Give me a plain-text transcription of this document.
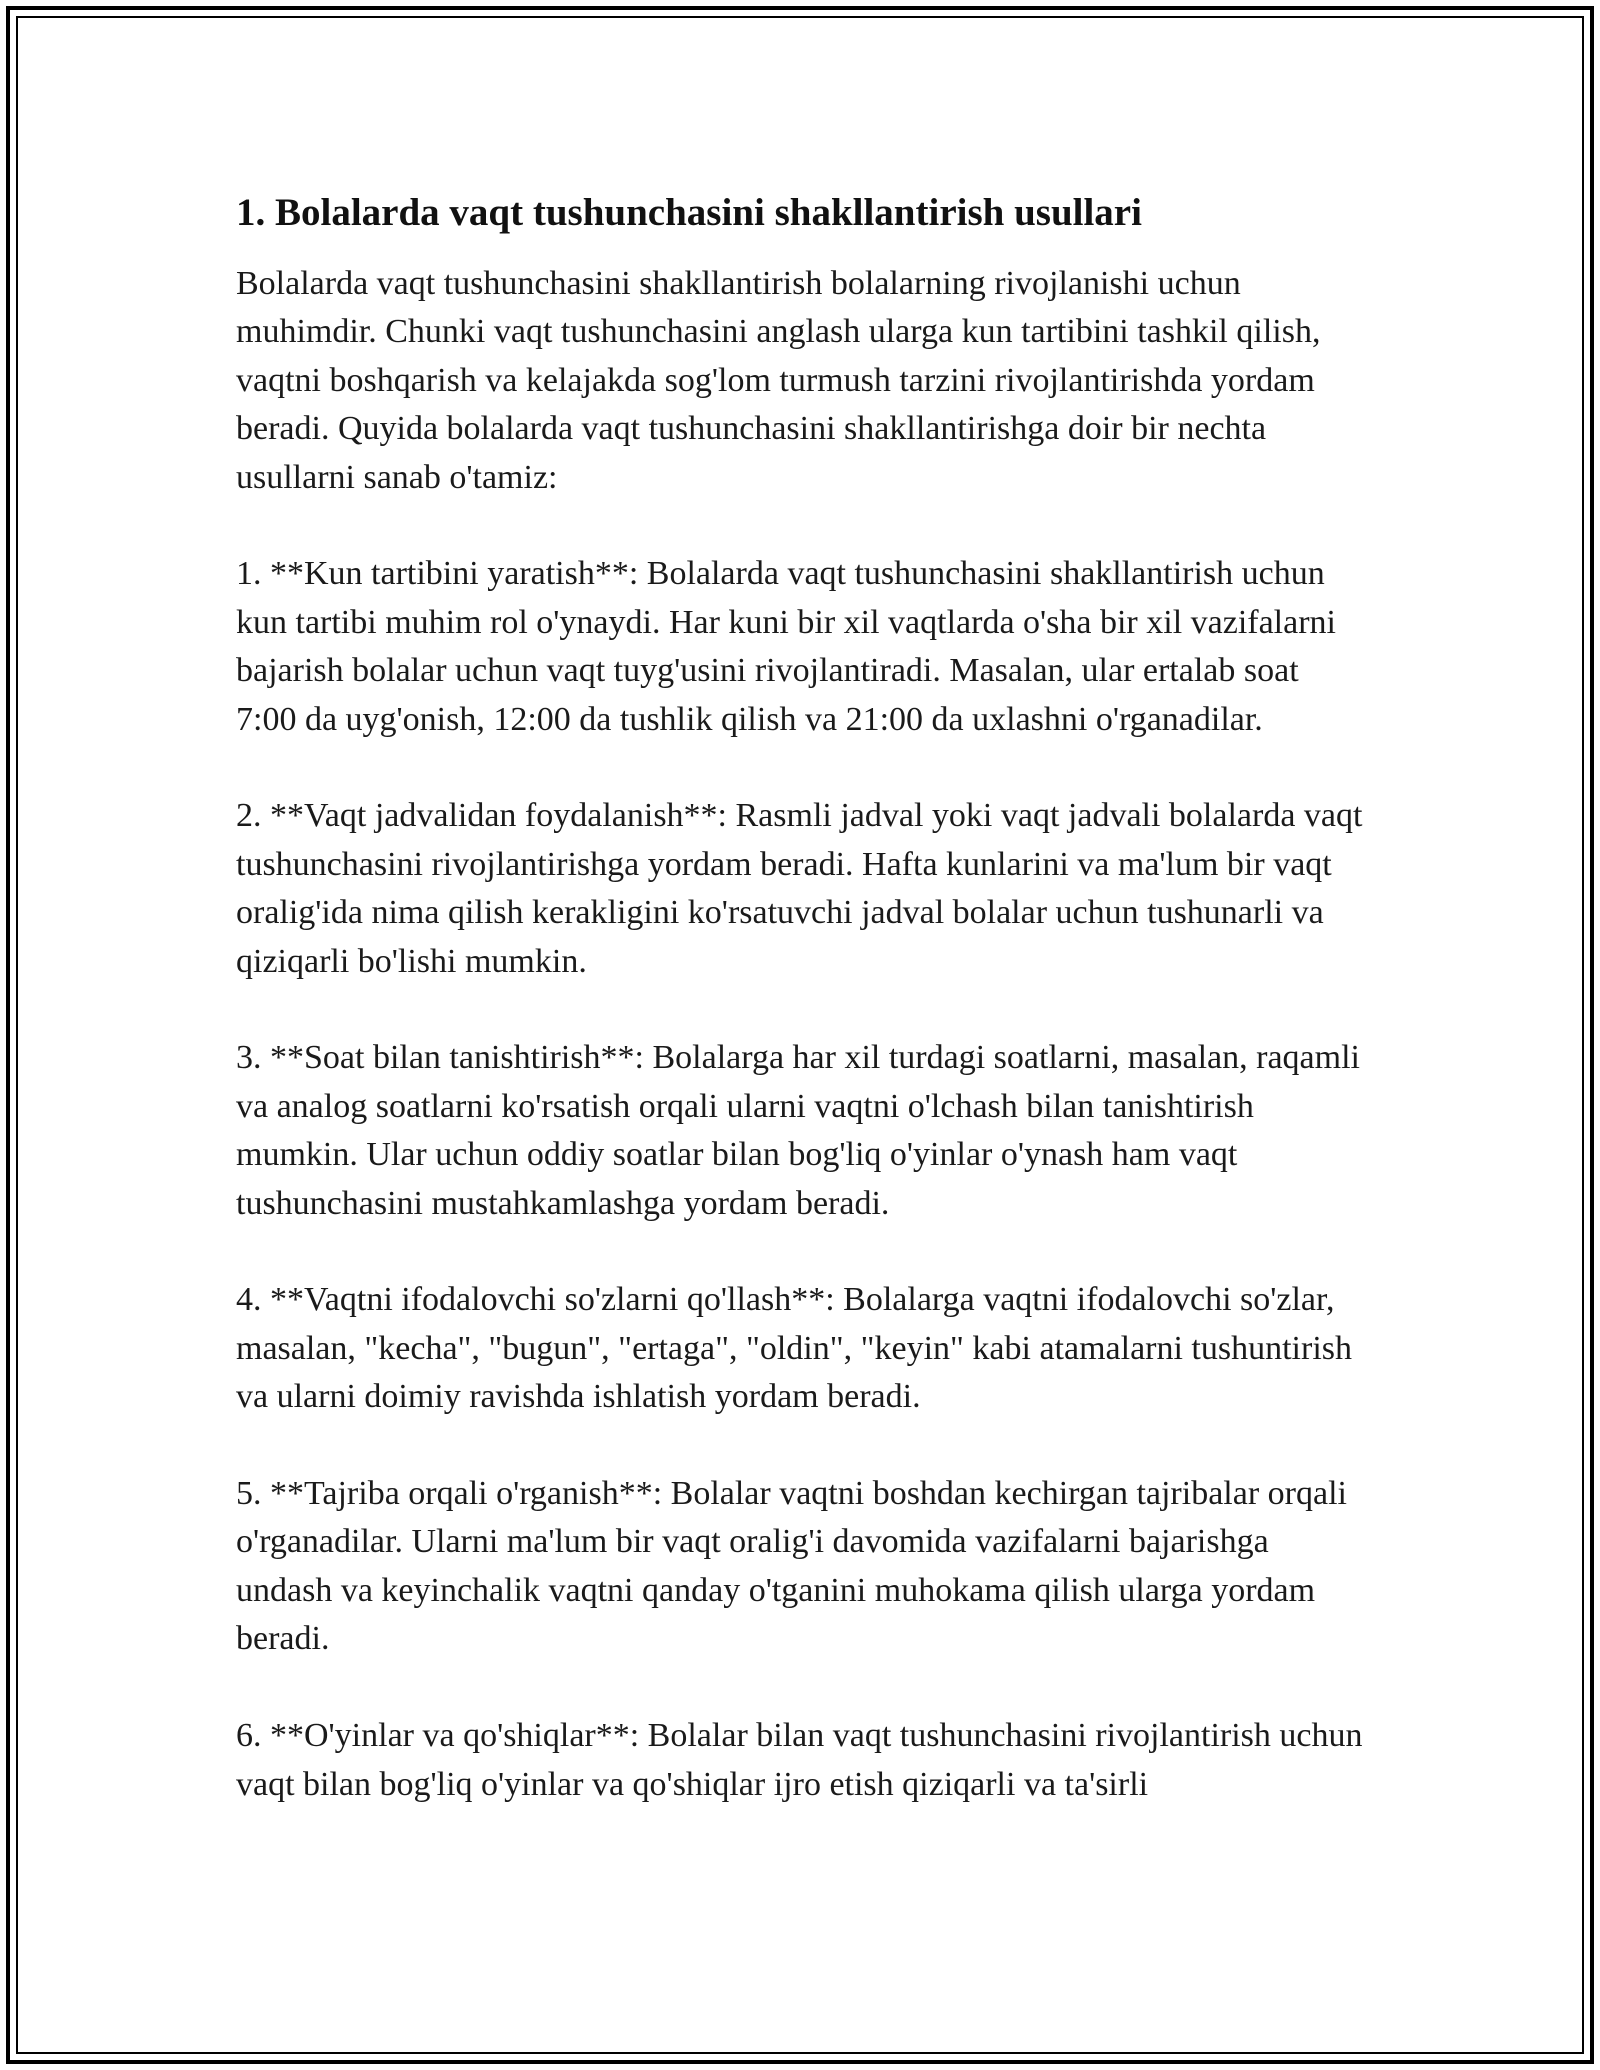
1. Bolalarda vaqt tushunchasini shakllantirish usullari

Bolalarda vaqt tushunchasini shakllantirish bolalarning rivojlanishi uchun muhimdir. Chunki vaqt tushunchasini anglash ularga kun tartibini tashkil qilish, vaqtni boshqarish va kelajakda sog'lom turmush tarzini rivojlantirishda yordam beradi. Quyida bolalarda vaqt tushunchasini shakllantirishga doir bir nechta usullarni sanab o'tamiz:

1. **Kun tartibini yaratish**: Bolalarda vaqt tushunchasini shakllantirish uchun kun tartibi muhim rol o'ynaydi. Har kuni bir xil vaqtlarda o'sha bir xil vazifalarni bajarish bolalar uchun vaqt tuyg'usini rivojlantiradi. Masalan, ular ertalab soat 7:00 da uyg'onish, 12:00 da tushlik qilish va 21:00 da uxlashni o'rganadilar.

2. **Vaqt jadvalidan foydalanish**: Rasmli jadval yoki vaqt jadvali bolalarda vaqt tushunchasini rivojlantirishga yordam beradi. Hafta kunlarini va ma'lum bir vaqt oralig'ida nima qilish kerakligini ko'rsatuvchi jadval bolalar uchun tushunarli va qiziqarli bo'lishi mumkin.

3. **Soat bilan tanishtirish**: Bolalarga har xil turdagi soatlarni, masalan, raqamli va analog soatlarni ko'rsatish orqali ularni vaqtni o'lchash bilan tanishtirish mumkin. Ular uchun oddiy soatlar bilan bog'liq o'yinlar o'ynash ham vaqt tushunchasini mustahkamlashga yordam beradi.

4. **Vaqtni ifodalovchi so'zlarni qo'llash**: Bolalarga vaqtni ifodalovchi so'zlar, masalan, "kecha", "bugun", "ertaga", "oldin", "keyin" kabi atamalarni tushuntirish va ularni doimiy ravishda ishlatish yordam beradi.

5. **Tajriba orqali o'rganish**: Bolalar vaqtni boshdan kechirgan tajribalar orqali o'rganadilar. Ularni ma'lum bir vaqt oralig'i davomida vazifalarni bajarishga undash va keyinchalik vaqtni qanday o'tganini muhokama qilish ularga yordam beradi.

6. **O'yinlar va qo'shiqlar**: Bolalar bilan vaqt tushunchasini rivojlantirish uchun vaqt bilan bog'liq o'yinlar va qo'shiqlar ijro etish qiziqarli va ta'sirli
